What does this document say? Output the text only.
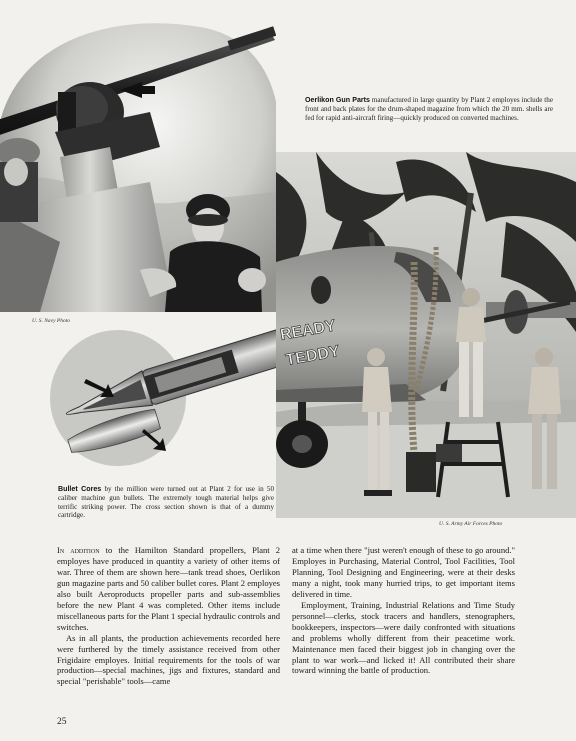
U. S. Navy Photo
Oerlikon Gun Parts manufactured in large quantity by Plant 2 employes include the front and back plates for the drum-shaped magazine from which the 20 mm. shells are fed for rapid anti-aircraft firing—quickly produced on converted machines.
Bullet Cores by the million were turned out at Plant 2 for use in 50 caliber machine gun bullets. The extremely tough material helps give terrific striking power. The cross section shown is that of a dummy cartridge.
READY
TEDDY
U. S. Army Air Forces Photo

In addition to the Hamilton Standard propellers, Plant 2 employes have produced in quantity a variety of other items of war. Three of them are shown here—tank tread shoes, Oerlikon gun magazine parts and 50 caliber bullet cores. Plant 2 employes also built Aeroproducts propeller parts and sub-assemblies before the new Plant 4 was completed. Other items include miscellaneous parts for the Plant 1 special hydraulic controls and switches.

As in all plants, the production achievements recorded here were furthered by the timely assistance received from other Frigidaire employes. Initial requirements for the tools of war production—special machines, jigs and fixtures, standard and special "perishable" tools—came

at a time when there "just weren't enough of these to go around." Employes in Purchasing, Material Control, Tool Facilities, Tool Planning, Tool Designing and Engineering, were at their desks many a night, took many hurried trips, to get important items delivered in time.

Employment, Training, Industrial Relations and Time Study personnel—clerks, stock tracers and handlers, stenographers, bookkeepers, inspectors—were daily confronted with situations and problems wholly different from their peacetime work. Maintenance men faced their biggest job in changing over the plant to war work—and licked it! All contributed their share toward winning the battle of production.

25
